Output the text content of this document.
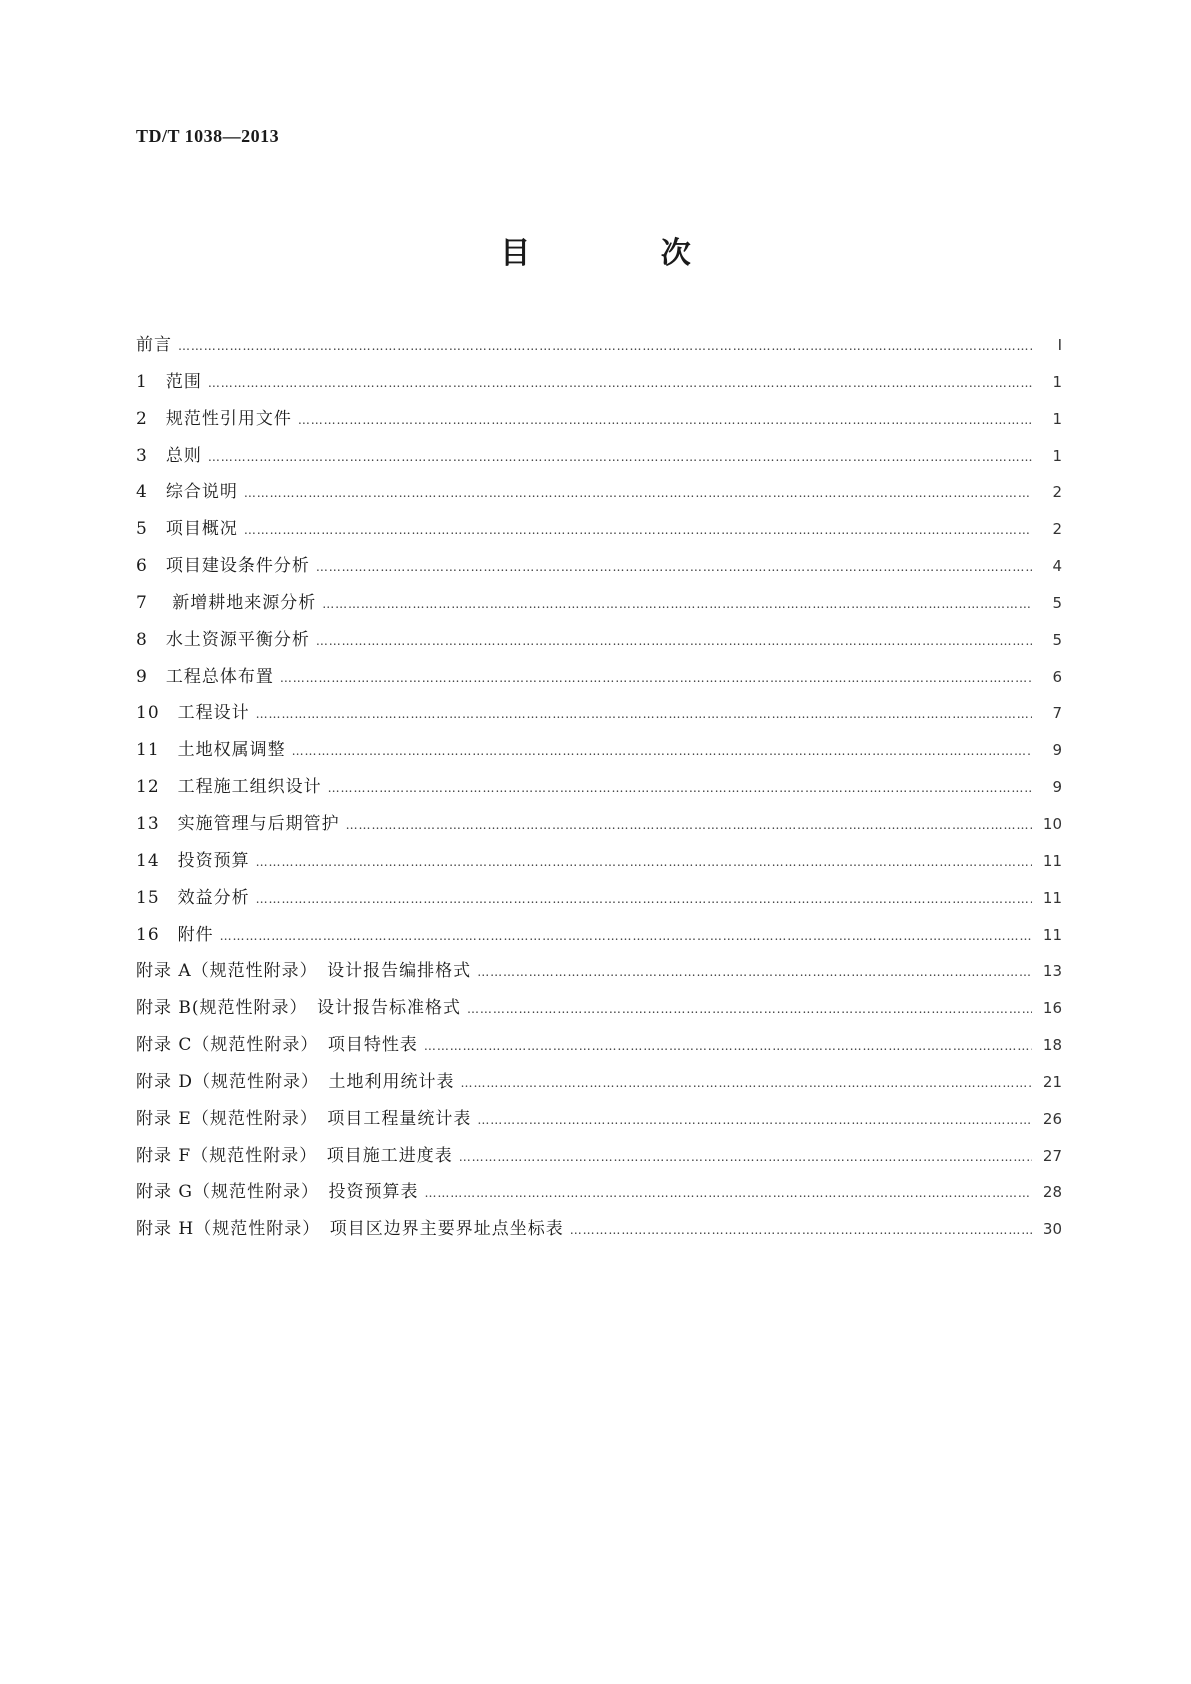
TD/T 1038—2013
目 次
前言 ……………………………………………………………………………………………………………………………………………………………………………………………………………………………………………………	Ⅰ
1　范围 ……………………………………………………………………………………………………………………………………………………………………………………………………………………………………………………	1
2　规范性引用文件 ……………………………………………………………………………………………………………………………………………………………………………………………………………………………………………………	1
3　总则 ……………………………………………………………………………………………………………………………………………………………………………………………………………………………………………………	1
4　综合说明 ……………………………………………………………………………………………………………………………………………………………………………………………………………………………………………………	2
5　项目概况 ……………………………………………………………………………………………………………………………………………………………………………………………………………………………………………………	2
6　项目建设条件分析 ……………………………………………………………………………………………………………………………………………………………………………………………………………………………………………………	4
7　 新增耕地来源分析 ……………………………………………………………………………………………………………………………………………………………………………………………………………………………………………………	5
8　水土资源平衡分析 ……………………………………………………………………………………………………………………………………………………………………………………………………………………………………………………	5
9　工程总体布置 ……………………………………………………………………………………………………………………………………………………………………………………………………………………………………………………	6
10　工程设计 ……………………………………………………………………………………………………………………………………………………………………………………………………………………………………………………	7
11　土地权属调整 ……………………………………………………………………………………………………………………………………………………………………………………………………………………………………………………	9
12　工程施工组织设计 ……………………………………………………………………………………………………………………………………………………………………………………………………………………………………………………	9
13　实施管理与后期管护 ……………………………………………………………………………………………………………………………………………………………………………………………………………………………………………………	10
14　投资预算 ……………………………………………………………………………………………………………………………………………………………………………………………………………………………………………………	11
15　效益分析 ……………………………………………………………………………………………………………………………………………………………………………………………………………………………………………………	11
16　附件 ……………………………………………………………………………………………………………………………………………………………………………………………………………………………………………………	11
附录 A（规范性附录）　设计报告编排格式 ……………………………………………………………………………………………………………………………………………………………………………………………………………………………………………………	13
附录 B(规范性附录）　设计报告标准格式 ……………………………………………………………………………………………………………………………………………………………………………………………………………………………………………………	16
附录 C（规范性附录）　项目特性表 ……………………………………………………………………………………………………………………………………………………………………………………………………………………………………………………	18
附录 D（规范性附录）　土地利用统计表 ……………………………………………………………………………………………………………………………………………………………………………………………………………………………………………………	21
附录 E（规范性附录）　项目工程量统计表 ……………………………………………………………………………………………………………………………………………………………………………………………………………………………………………………	26
附录 F（规范性附录）　项目施工进度表 ……………………………………………………………………………………………………………………………………………………………………………………………………………………………………………………	27
附录 G（规范性附录）　投资预算表 ……………………………………………………………………………………………………………………………………………………………………………………………………………………………………………………	28
附录 H（规范性附录）　项目区边界主要界址点坐标表 ……………………………………………………………………………………………………………………………………………………………………………………………………………………………………………………	30
